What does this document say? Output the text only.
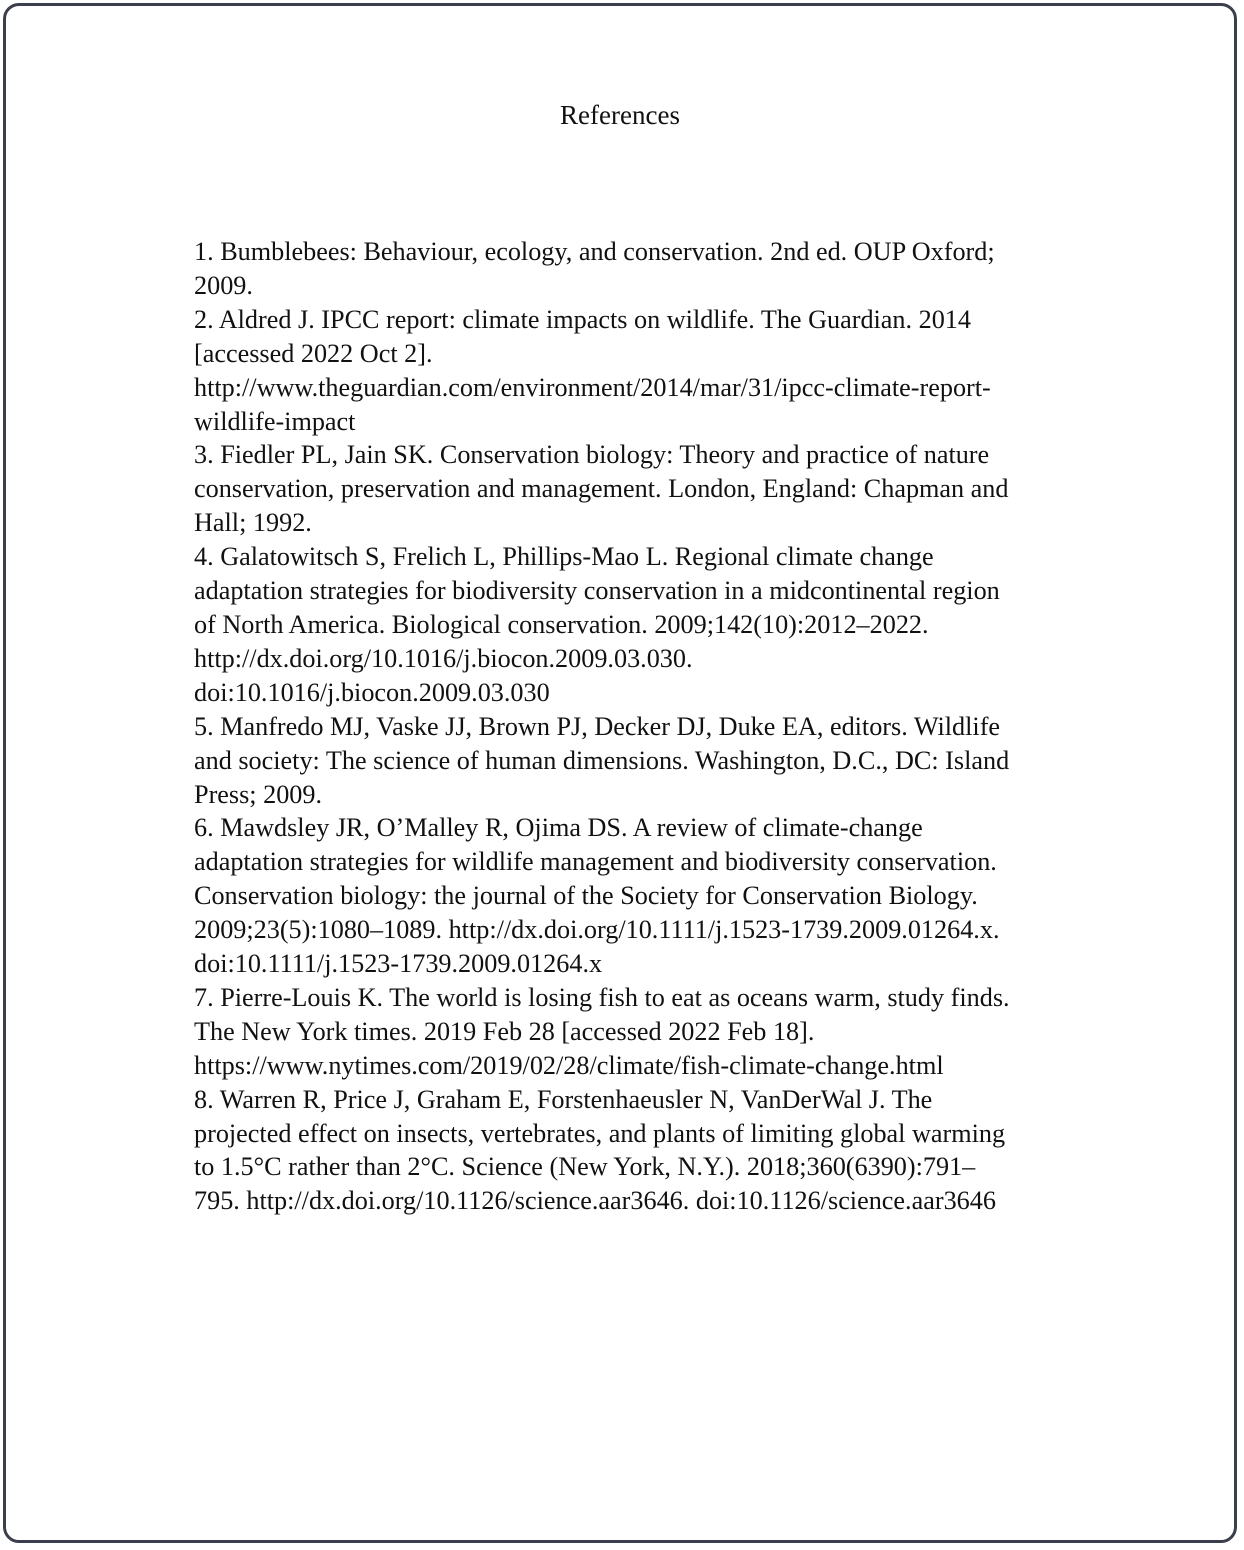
References
1. Bumblebees: Behaviour, ecology, and conservation. 2nd ed. OUP Oxford;
2009.
2. Aldred J. IPCC report: climate impacts on wildlife. The Guardian. 2014
[accessed 2022 Oct 2].
http://www.theguardian.com/environment/2014/mar/31/ipcc-climate-report-
wildlife-impact
3. Fiedler PL, Jain SK. Conservation biology: Theory and practice of nature
conservation, preservation and management. London, England: Chapman and
Hall; 1992.
4. Galatowitsch S, Frelich L, Phillips-Mao L. Regional climate change
adaptation strategies for biodiversity conservation in a midcontinental region
of North America. Biological conservation. 2009;142(10):2012–2022.
http://dx.doi.org/10.1016/j.biocon.2009.03.030.
doi:10.1016/j.biocon.2009.03.030
5. Manfredo MJ, Vaske JJ, Brown PJ, Decker DJ, Duke EA, editors. Wildlife
and society: The science of human dimensions. Washington, D.C., DC: Island
Press; 2009.
6. Mawdsley JR, O’Malley R, Ojima DS. A review of climate-change
adaptation strategies for wildlife management and biodiversity conservation.
Conservation biology: the journal of the Society for Conservation Biology.
2009;23(5):1080–1089. http://dx.doi.org/10.1111/j.1523-1739.2009.01264.x.
doi:10.1111/j.1523-1739.2009.01264.x
7. Pierre-Louis K. The world is losing fish to eat as oceans warm, study finds.
The New York times. 2019 Feb 28 [accessed 2022 Feb 18].
https://www.nytimes.com/2019/02/28/climate/fish-climate-change.html
8. Warren R, Price J, Graham E, Forstenhaeusler N, VanDerWal J. The
projected effect on insects, vertebrates, and plants of limiting global warming
to 1.5°C rather than 2°C. Science (New York, N.Y.). 2018;360(6390):791–
795. http://dx.doi.org/10.1126/science.aar3646. doi:10.1126/science.aar3646
